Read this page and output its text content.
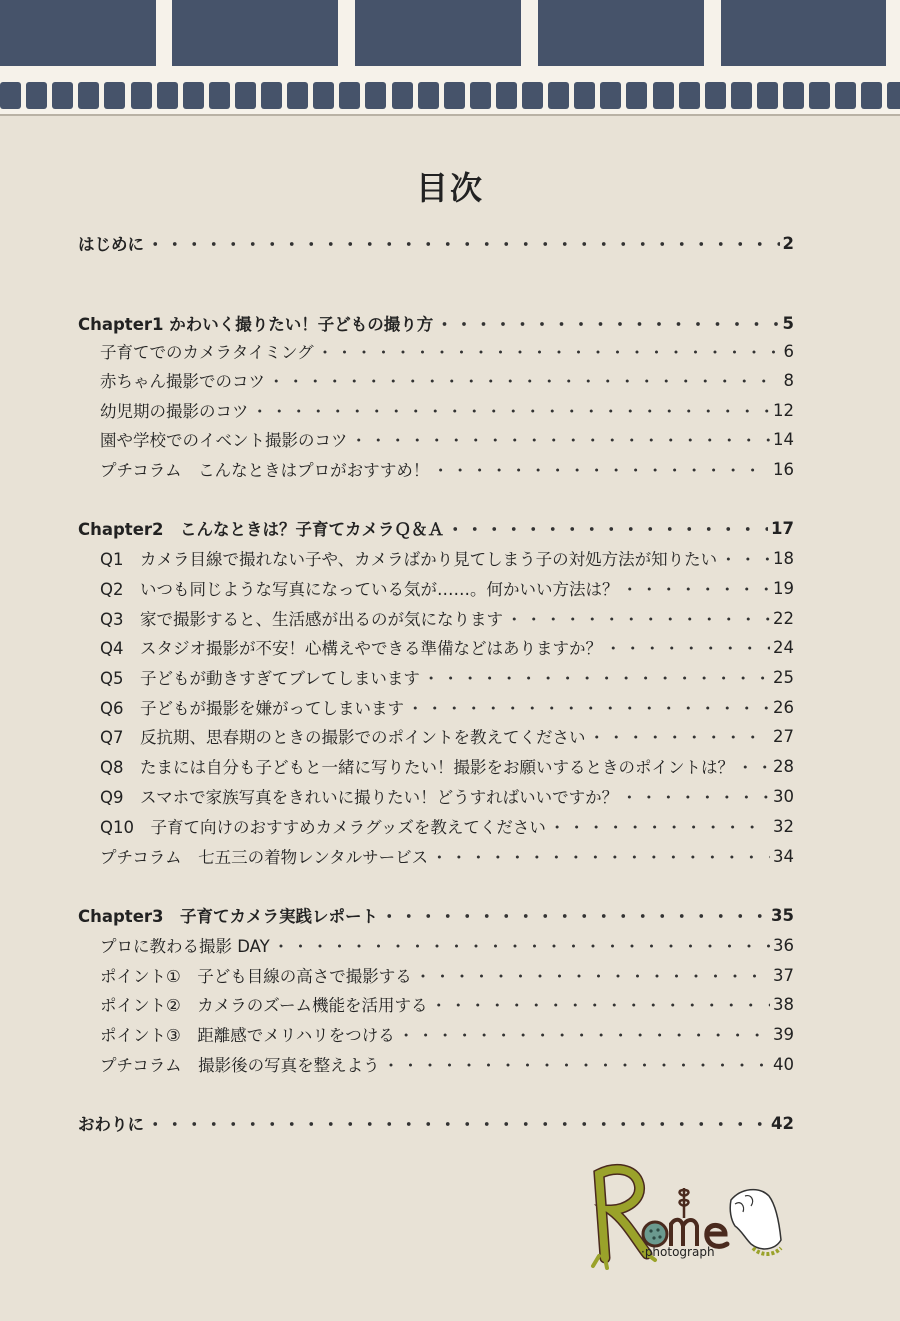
目次
はじめに ・・・・・・・・・・・・・・・・・・・・・・・・・・・・・・・・・・・・・・・・・・・・・・・・・・・・・・・・・・・・・・・・・・・・・・・・	2
Chapter1 かわいく撮りたい！子どもの撮り方 ・・・・・・・・・・・・・・・・・・・・・・・・・・・・・・・・・・・・・・・・・・・・・・・・・・・・・・・・・・・・・・・・・・・・・・・・	5
子育てでのカメラタイミング ・・・・・・・・・・・・・・・・・・・・・・・・・・・・・・・・・・・・・・・・・・・・・・・・・・・・・・・・・・・・・・・・・・・・・・・・	6
赤ちゃん撮影でのコツ ・・・・・・・・・・・・・・・・・・・・・・・・・・・・・・・・・・・・・・・・・・・・・・・・・・・・・・・・・・・・・・・・・・・・・・・・	8
幼児期の撮影のコツ ・・・・・・・・・・・・・・・・・・・・・・・・・・・・・・・・・・・・・・・・・・・・・・・・・・・・・・・・・・・・・・・・・・・・・・・・	12
園や学校でのイベント撮影のコツ ・・・・・・・・・・・・・・・・・・・・・・・・・・・・・・・・・・・・・・・・・・・・・・・・・・・・・・・・・・・・・・・・・・・・・・・・	14
プチコラム　こんなときはプロがおすすめ！ ・・・・・・・・・・・・・・・・・・・・・・・・・・・・・・・・・・・・・・・・・・・・・・・・・・・・・・・・・・・・・・・・・・・・・・・・	16
Chapter2　こんなときは？子育てカメラＱ＆Ａ ・・・・・・・・・・・・・・・・・・・・・・・・・・・・・・・・・・・・・・・・・・・・・・・・・・・・・・・・・・・・・・・・・・・・・・・・	17
Q1　カメラ目線で撮れない子や、カメラばかり見てしまう子の対処方法が知りたい ・・・・・・・・・・・・・・・・・・・・・・・・・・・・・・・・・・・・・・・・・・・・・・・・・・・・・・・・・・・・・・・・・・・・・・・・	18
Q2　いつも同じような写真になっている気が……。何かいい方法は？ ・・・・・・・・・・・・・・・・・・・・・・・・・・・・・・・・・・・・・・・・・・・・・・・・・・・・・・・・・・・・・・・・・・・・・・・・	19
Q3　家で撮影すると、生活感が出るのが気になります ・・・・・・・・・・・・・・・・・・・・・・・・・・・・・・・・・・・・・・・・・・・・・・・・・・・・・・・・・・・・・・・・・・・・・・・・	22
Q4　スタジオ撮影が不安！心構えやできる準備などはありますか？ ・・・・・・・・・・・・・・・・・・・・・・・・・・・・・・・・・・・・・・・・・・・・・・・・・・・・・・・・・・・・・・・・・・・・・・・・	24
Q5　子どもが動きすぎてブレてしまいます ・・・・・・・・・・・・・・・・・・・・・・・・・・・・・・・・・・・・・・・・・・・・・・・・・・・・・・・・・・・・・・・・・・・・・・・・	25
Q6　子どもが撮影を嫌がってしまいます ・・・・・・・・・・・・・・・・・・・・・・・・・・・・・・・・・・・・・・・・・・・・・・・・・・・・・・・・・・・・・・・・・・・・・・・・	26
Q7　反抗期、思春期のときの撮影でのポイントを教えてください ・・・・・・・・・・・・・・・・・・・・・・・・・・・・・・・・・・・・・・・・・・・・・・・・・・・・・・・・・・・・・・・・・・・・・・・・	27
Q8　たまには自分も子どもと一緒に写りたい！撮影をお願いするときのポイントは？ ・・・・・・・・・・・・・・・・・・・・・・・・・・・・・・・・・・・・・・・・・・・・・・・・・・・・・・・・・・・・・・・・・・・・・・・・ 28
Q9　スマホで家族写真をきれいに撮りたい！どうすればいいですか？ ・・・・・・・・・・・・・・・・・・・・・・・・・・・・・・・・・・・・・・・・・・・・・・・・・・・・・・・・・・・・・・・・・・・・・・・・	30
Q10　子育て向けのおすすめカメラグッズを教えてください ・・・・・・・・・・・・・・・・・・・・・・・・・・・・・・・・・・・・・・・・・・・・・・・・・・・・・・・・・・・・・・・・・・・・・・・・	32
プチコラム　七五三の着物レンタルサービス ・・・・・・・・・・・・・・・・・・・・・・・・・・・・・・・・・・・・・・・・・・・・・・・・・・・・・・・・・・・・・・・・・・・・・・・・	34
Chapter3　子育てカメラ実践レポート ・・・・・・・・・・・・・・・・・・・・・・・・・・・・・・・・・・・・・・・・・・・・・・・・・・・・・・・・・・・・・・・・・・・・・・・・	35
プロに教わる撮影 DAY ・・・・・・・・・・・・・・・・・・・・・・・・・・・・・・・・・・・・・・・・・・・・・・・・・・・・・・・・・・・・・・・・・・・・・・・・	36
ポイント①　子ども目線の高さで撮影する ・・・・・・・・・・・・・・・・・・・・・・・・・・・・・・・・・・・・・・・・・・・・・・・・・・・・・・・・・・・・・・・・・・・・・・・・	37
ポイント②　カメラのズーム機能を活用する ・・・・・・・・・・・・・・・・・・・・・・・・・・・・・・・・・・・・・・・・・・・・・・・・・・・・・・・・・・・・・・・・・・・・・・・・	38
ポイント③　距離感でメリハリをつける ・・・・・・・・・・・・・・・・・・・・・・・・・・・・・・・・・・・・・・・・・・・・・・・・・・・・・・・・・・・・・・・・・・・・・・・・	39
プチコラム　撮影後の写真を整えよう ・・・・・・・・・・・・・・・・・・・・・・・・・・・・・・・・・・・・・・・・・・・・・・・・・・・・・・・・・・・・・・・・・・・・・・・・	40
おわりに ・・・・・・・・・・・・・・・・・・・・・・・・・・・・・・・・・・・・・・・・・・・・・・・・・・・・・・・・・・・・・・・・・・・・・・・・	42
·photograph
Rome
